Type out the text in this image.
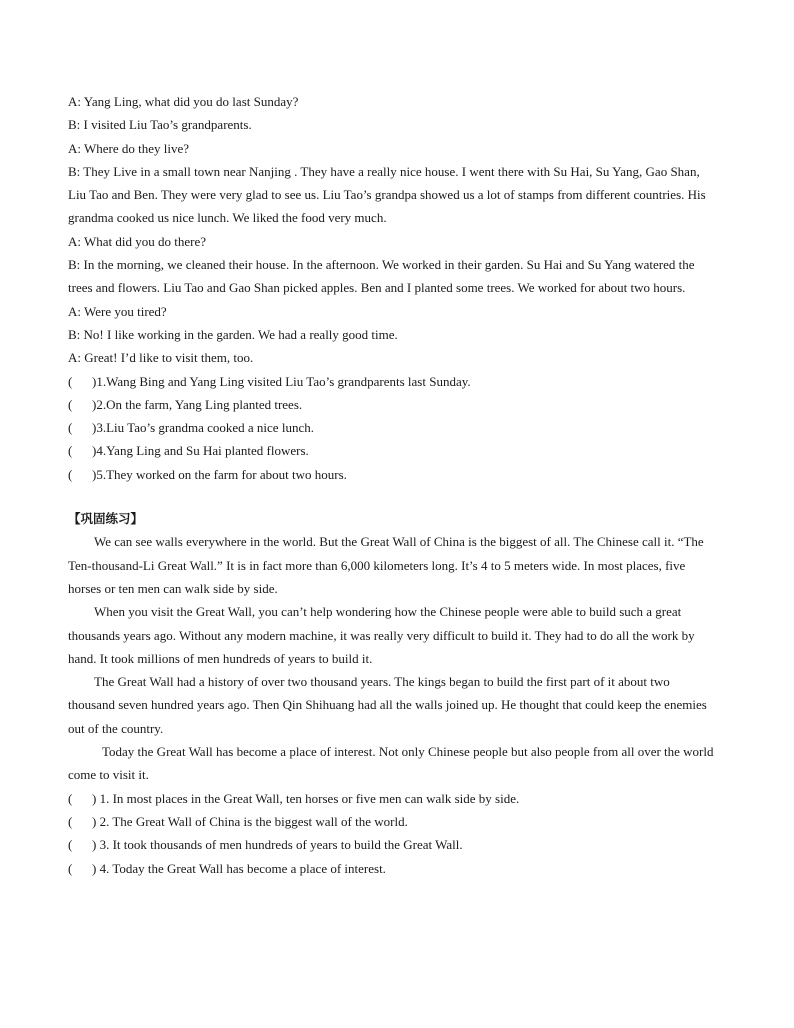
A: Yang Ling, what did you do last Sunday?

B: I visited Liu Tao’s grandparents.

A: Where do they live?

B: They Live in a small town near Nanjing . They have a really nice house. I went there with Su Hai, Su Yang, Gao Shan, Liu Tao and Ben. They were very glad to see us. Liu Tao’s grandpa showed us a lot of stamps from different countries. His grandma cooked us nice lunch. We liked the food very much.

A: What did you do there?

B: In the morning, we cleaned their house. In the afternoon. We worked in their garden. Su Hai and Su Yang watered the trees and flowers. Liu Tao and Gao Shan picked apples. Ben and I planted some trees. We worked for about two hours.

A: Were you tired?

B: No! I like working in the garden. We had a really good time.

A: Great! I’d like to visit them, too.

( )1.Wang Bing and Yang Ling visited Liu Tao’s grandparents last Sunday.

( )2.On the farm, Yang Ling planted trees.

( )3.Liu Tao’s grandma cooked a nice lunch.

( )4.Yang Ling and Su Hai planted flowers.

( )5.They worked on the farm for about two hours.

【巩固练习】

We can see walls everywhere in the world. But the Great Wall of China is the biggest of all. The Chinese call it. “The Ten-thousand-Li Great Wall.” It is in fact more than 6,000 kilometers long. It’s 4 to 5 meters wide. In most places, five horses or ten men can walk side by side.

When you visit the Great Wall, you can’t help wondering how the Chinese people were able to build such a great thousands years ago. Without any modern machine, it was really very difficult to build it. They had to do all the work by hand. It took millions of men hundreds of years to build it.

The Great Wall had a history of over two thousand years. The kings began to build the first part of it about two thousand seven hundred years ago. Then Qin Shihuang had all the walls joined up. He thought that could keep the enemies out of the country.

Today the Great Wall has become a place of interest. Not only Chinese people but also people from all over the world come to visit it.

( ) 1. In most places in the Great Wall, ten horses or five men can walk side by side.

( ) 2. The Great Wall of China is the biggest wall of the world.

( ) 3. It took thousands of men hundreds of years to build the Great Wall.

( ) 4. Today the Great Wall has become a place of interest.
